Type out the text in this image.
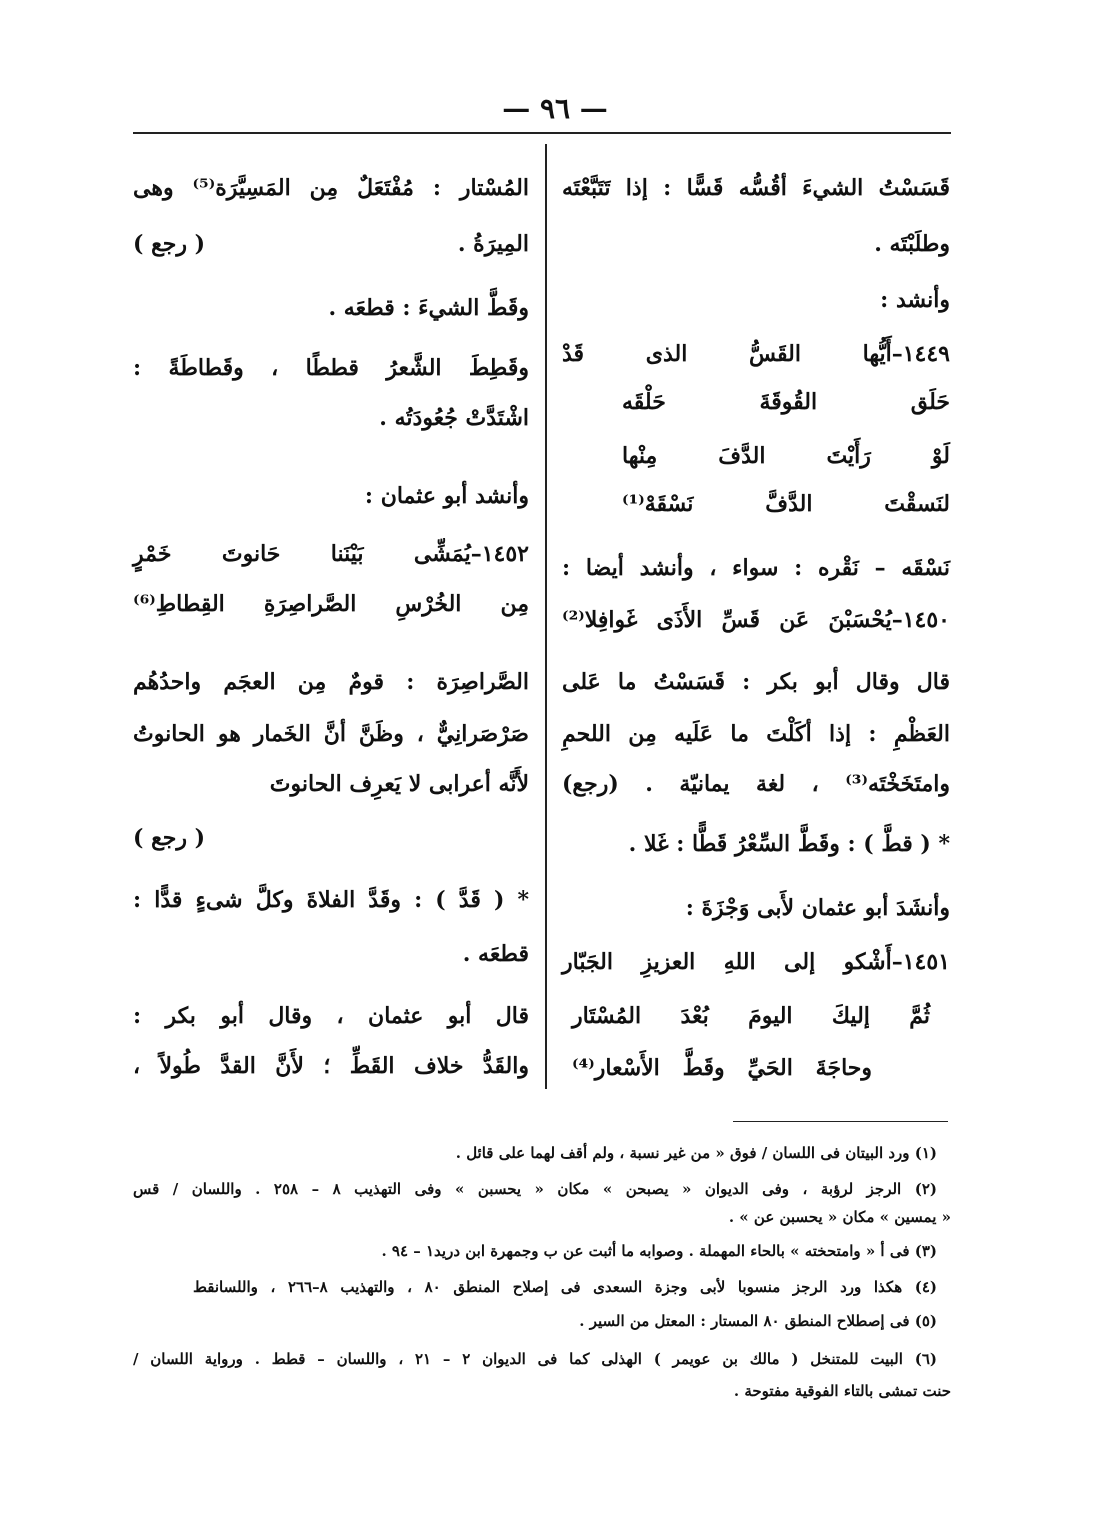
— ٩٦ —
قَسَسْتُ الشيءَ أقُسُّه قَسًّا : إذا تَتَبَّعْتَه
وطلَبْتَه .
وأنشد :
١٤٤٩–أَيُّها القَسُّ الذى قَدْ
حَلَق القُوقَةَ حَلْقَه
لَوْ رَأَيْتَ الدَّفَ مِنْها
لنَسقْتَ الدَّفَّ نَسْقَهْ⁽¹⁾
نَسْقَه – نَقْره : سواء ، وأنشد أيضا :
١٤٥٠–يُحْسَبْنَ عَن قَسِّ الأَذَى غَوافِلا⁽²⁾
قال وقال أبو بكر : قَسَسْتُ ما عَلى
العَظْمِ : إذا أكَلْتَ ما عَلَيه مِن اللحمِ
وامتَخَخْتَه⁽³⁾ ، لغة يمانيّة . (رجع)
* ( قطَّ ) : وقَطَّ السِّعْرُ قَطًّا : غَلا .
وأنشَدَ أبو عثمان لأَبى وَجْزَةَ :
١٤٥١–أَشْكو إلى اللهِ العزيزِ الجَبّار
ثُمَّ إليكَ اليومَ بُعْدَ المُسْتَار
وحاجَةَ الحَيِّ وقَطَّ الأَسْعار⁽⁴⁾
المُسْتار : مُفْتَعَلٌ مِن المَسِيَّرَة⁽⁵⁾ وهى
المِيرَةُ .
( رجع )
وقَطَّ الشيءَ : قطعَه .
وقَطِطَ الشَّعرُ قططًا ، وقَطاطَةً :
اشْتَدَّتْ جُعُودَتُه .
وأنشد أبو عثمان :
١٤٥٢–يُمَشِّى بَيْنَنا حَانوتَ خَمْرٍ
مِن الخُرْسِ الصَّراصِرَةِ القِطاطِ⁽⁶⁾
الصَّراصِرَة : قومٌ مِن العجَم واحدُهُم
صَرْصَرانِيٌّ ، وظَنَّ أنَّ الخَمار هو الحانوتُ
لأَنَّه أعرابى لا يَعرِف الحانوتَ
( رجع )
* ( قَدَّ ) : وقَدَّ الفلاةَ وكلَّ شىءٍ قدًّا :
قطعَه .
قال أبو عثمان ، وقال أبو بكر :
والقَدُّ خلاف القَطِّ ؛ لأَنَّ القدَّ طُولاً ،
(١) ورد البيتان فى اللسان / فوق « من غير نسبة ، ولم أقف لهما على قائل .
(٢) الرجز لرؤبة ، وفى الديوان « يصبحن » مكان « يحسبن » وفى التهذيب ٨ – ٢٥٨ . واللسان / قس
« يمسين » مكان « يحسبن عن » .
(٣) فى أ « وامتحخته » بالحاء المهملة . وصوابه ما أثبت عن ب وجمهرة ابن دريد١ – ٩٤ .
(٤) هكذا ورد الرجز منسوبا لأبى وجزة السعدى فى إصلاح المنطق ٨٠ ، والتهذيب ٨–٢٦٦ ، واللسانقط
(٥) فى إصطلاح المنطق ٨٠ المستار : المعتل من السير .
(٦) البيت للمتنخل ( مالك بن عويمر ) الهذلى كما فى الديوان ٢ – ٢١ ، واللسان – قطط . ورواية اللسان /
حنت تمشى بالتاء الفوقية مفتوحة .
